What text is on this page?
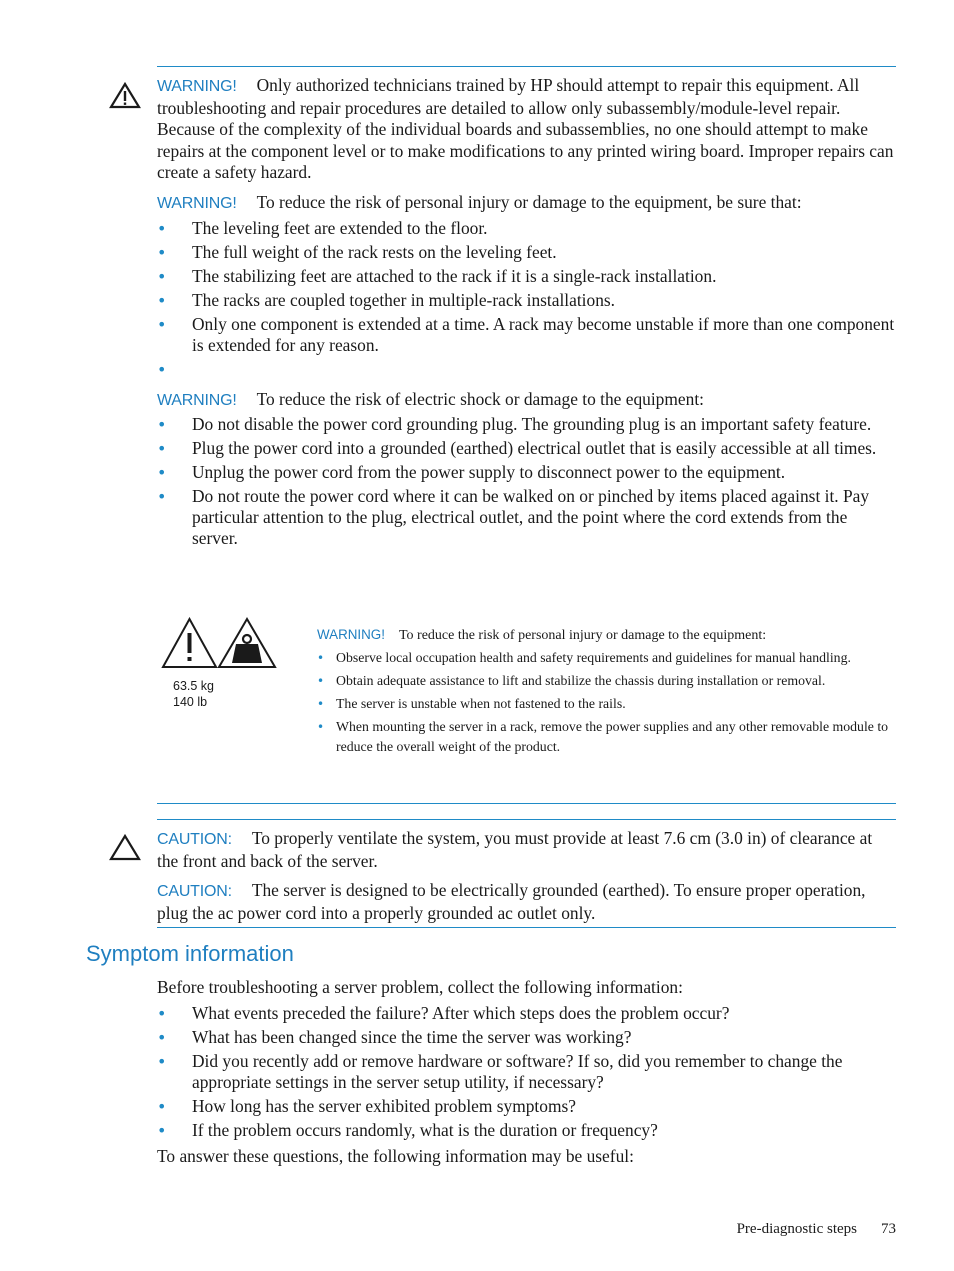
WARNING! Only authorized technicians trained by HP should attempt to repair this equipment. All troubleshooting and repair procedures are detailed to allow only subassembly/module-level repair. Because of the complexity of the individual boards and subassemblies, no one should attempt to make repairs at the component level or to make modifications to any printed wiring board. Improper repairs can create a safety hazard.

WARNING! To reduce the risk of personal injury or damage to the equipment, be sure that:

• The leveling feet are extended to the floor.
• The full weight of the rack rests on the leveling feet.
• The stabilizing feet are attached to the rack if it is a single-rack installation.
• The racks are coupled together in multiple-rack installations.
• Only one component is extended at a time. A rack may become unstable if more than one component is extended for any reason.
•

WARNING! To reduce the risk of electric shock or damage to the equipment:

• Do not disable the power cord grounding plug. The grounding plug is an important safety feature.
• Plug the power cord into a grounded (earthed) electrical outlet that is easily accessible at all times.
• Unplug the power cord from the power supply to disconnect power to the equipment.
• Do not route the power cord where it can be walked on or pinched by items placed against it. Pay particular attention to the plug, electrical outlet, and the point where the cord extends from the server.
63.5 kg
140 lb

WARNING! To reduce the risk of personal injury or damage to the equipment:

• Observe local occupation health and safety requirements and guidelines for manual handling.
• Obtain adequate assistance to lift and stabilize the chassis during installation or removal.
• The server is unstable when not fastened to the rails.
• When mounting the server in a rack, remove the power supplies and any other removable module to reduce the overall weight of the product.

CAUTION: To properly ventilate the system, you must provide at least 7.6 cm (3.0 in) of clearance at the front and back of the server.

CAUTION: The server is designed to be electrically grounded (earthed). To ensure proper operation, plug the ac power cord into a properly grounded ac outlet only.

Symptom information

Before troubleshooting a server problem, collect the following information:

• What events preceded the failure? After which steps does the problem occur?
• What has been changed since the time the server was working?
• Did you recently add or remove hardware or software? If so, did you remember to change the appropriate settings in the server setup utility, if necessary?
• How long has the server exhibited problem symptoms?
• If the problem occurs randomly, what is the duration or frequency?

To answer these questions, the following information may be useful:

Pre-diagnostic steps 73
